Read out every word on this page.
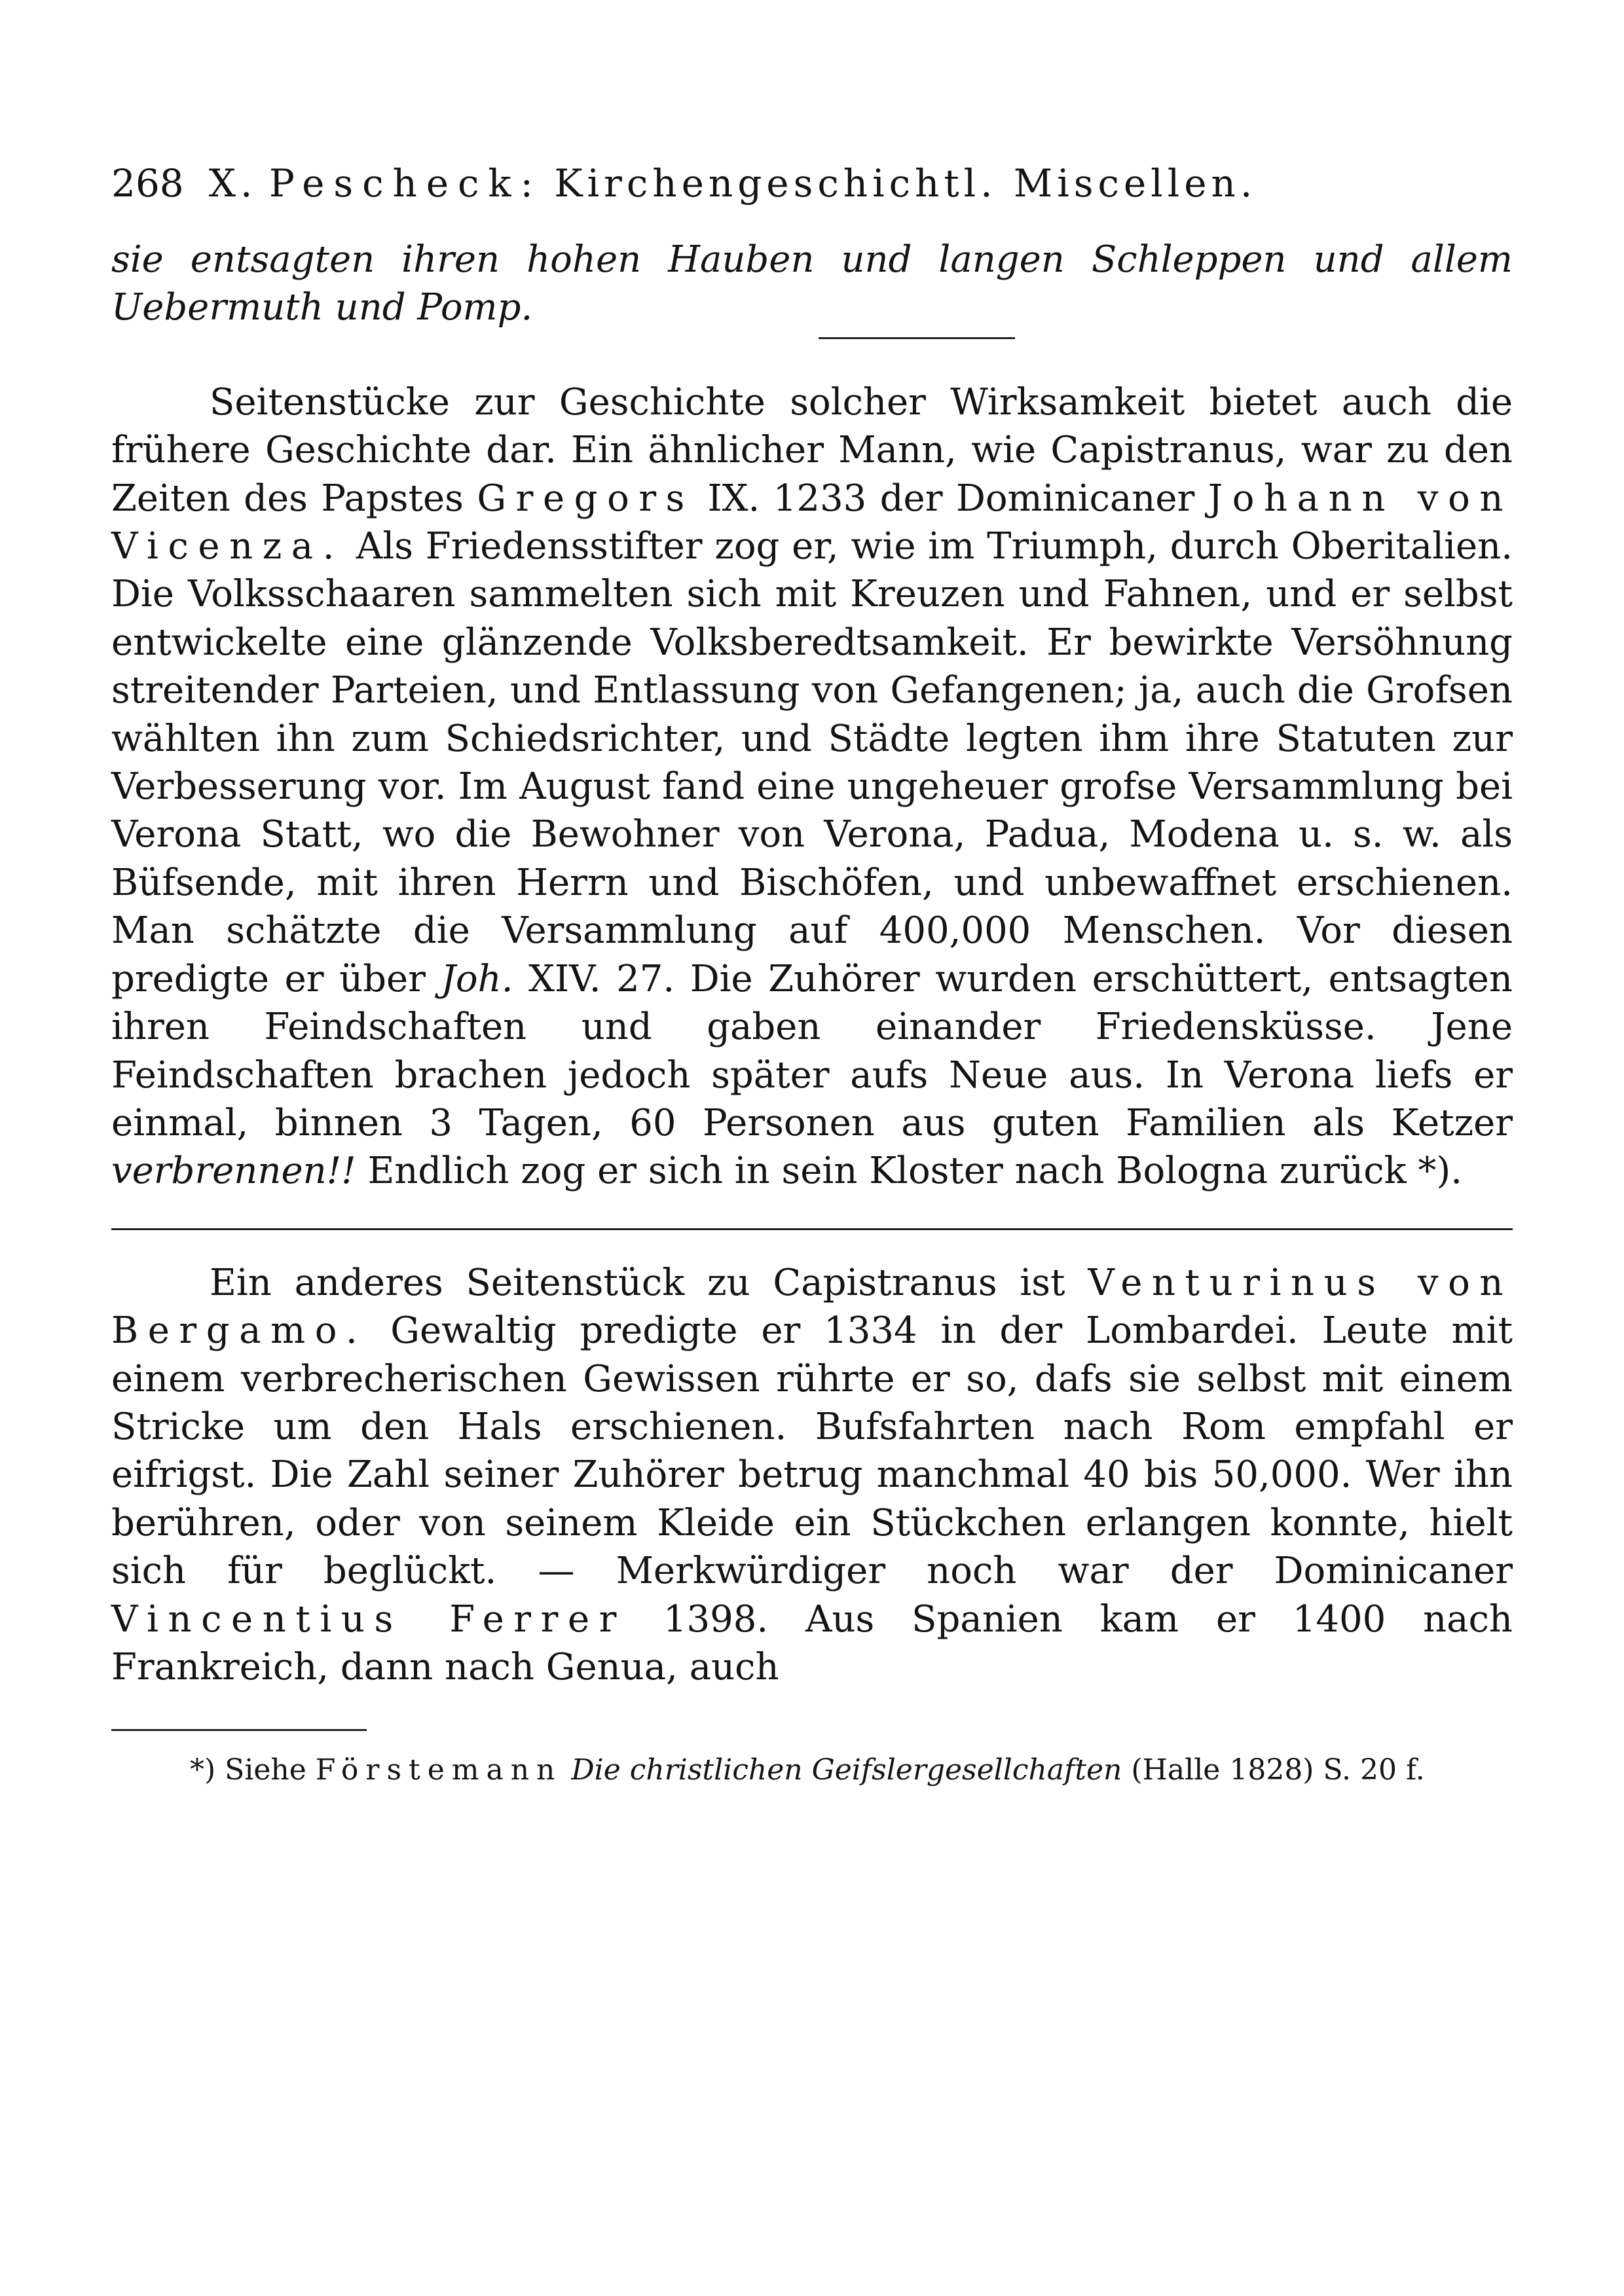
268 X.
Pescheck:
Kirchengeschichtl. Miscellen.

sie entsagten ihren hohen Hauben und langen Schleppen und allem Uebermuth und Pomp.

Seitenstücke zur Geschichte solcher Wirksamkeit bietet auch die frühere Geschichte dar. Ein ähnlicher Mann, wie Capistranus, war zu den Zeiten des Papstes Gregors IX. 1233 der Dominicaner Johann von Vicenza. Als Friedensstifter zog er, wie im Triumph, durch Oberitalien. Die Volksschaaren sammelten sich mit Kreuzen und Fahnen, und er selbst entwickelte eine glänzende Volksberedtsamkeit. Er bewirkte Versöhnung streitender Parteien, und Entlassung von Gefangenen; ja, auch die Grofsen wählten ihn zum Schiedsrichter, und Städte legten ihm ihre Statuten zur Verbesserung vor. Im August fand eine ungeheuer grofse Versammlung bei Verona Statt, wo die Bewohner von Verona, Padua, Modena u. s. w. als Büfsende, mit ihren Herrn und Bischöfen, und unbewaffnet erschienen. Man schätzte die Versammlung auf 400,000 Menschen. Vor diesen predigte er über Joh. XIV. 27. Die Zuhörer wurden erschüttert, entsagten ihren Feindschaften und gaben einander Friedensküsse. Jene Feindschaften brachen jedoch später aufs Neue aus. In Verona liefs er einmal, binnen 3 Tagen, 60 Personen aus guten Familien als Ketzer verbrennen!! Endlich zog er sich in sein Kloster nach Bologna zurück *).

Ein anderes Seitenstück zu Capistranus ist Venturinus von Bergamo. Gewaltig predigte er 1334 in der Lombardei. Leute mit einem verbrecherischen Gewissen rührte er so, dafs sie selbst mit einem Stricke um den Hals erschienen. Bufsfahrten nach Rom empfahl er eifrigst. Die Zahl seiner Zuhörer betrug manchmal 40 bis 50,000. Wer ihn berühren, oder von seinem Kleide ein Stückchen erlangen konnte, hielt sich für beglückt. — Merkwürdiger noch war der Dominicaner Vincentius Ferrer 1398. Aus Spanien kam er 1400 nach Frankreich, dann nach Genua, auch

*) Siehe Förstemann Die christlichen Geifslergesellchaften (Halle 1828) S. 20 f.
